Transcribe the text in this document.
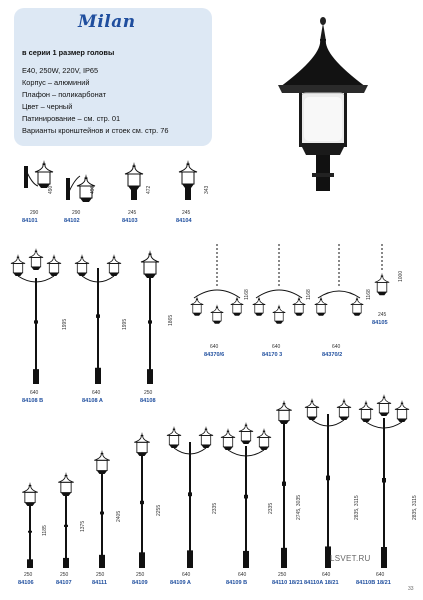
Milan
в серии 1 размер головы
E40, 250W, 220V, IP65
Корпус – алюминий
Плафон – поликарбонат
Цвет – черный
Патинирование – см. стр. 01
Варианты кронштейнов и стоек см. стр. 76
290
490
84101
290
490
84102
245
472
84103
245
343
84104
640
1995
84108 B
640
1995
84108 A
250
1865
84108
640
1168
84370/6
640
1168
84170 3
640
1168
84370/2
245
1000
84105
250
1185
84106
250
1375
84107
250
2405
84111
250
2255
84109
640
2335
84109 A
640
2335
84109 B
250
2745, 3035
84110 18/21
640
2835, 3115
84110A 18/21
640
2835, 3115
84110B 18/21
LSVET.RU
33
